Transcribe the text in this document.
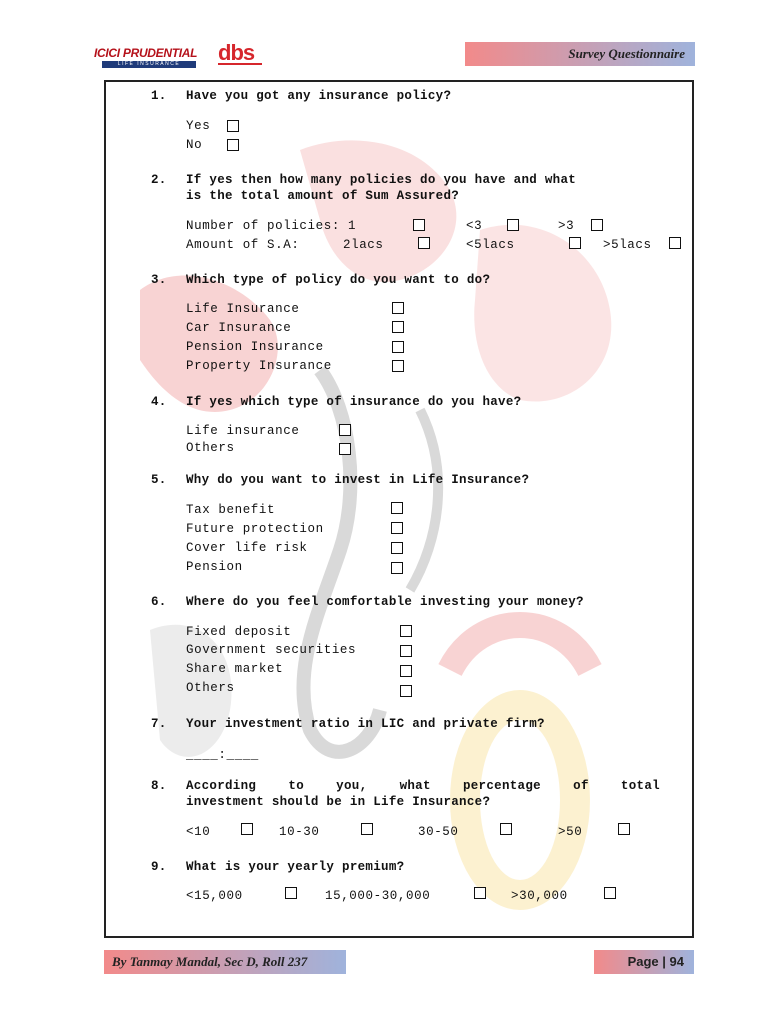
ICICI PRUDENTIAL
LIFE INSURANCE	dbs	Survey Questionnaire
1. Have you got any insurance policy?
Yes
No
2. If yes then how many policies do you have and what
is the total amount of Sum Assured?
Number of policies: 1	<3	>3
Amount of S.A:	2lacs	<5lacs	>5lacs
3. Which type of policy do you want to do?
Life Insurance
Car Insurance
Pension Insurance
Property Insurance
4. If yes which type of insurance do you have?
Life insurance
Others
5. Why do you want to invest in Life Insurance?
Tax benefit
Future protection
Cover life risk
Pension
6. Where do you feel comfortable investing your money?
Fixed deposit
Government securities
Share market
Others
7. Your investment ratio in LIC and private firm?
____:____
8. According	to	you,	what	percentage	of	total
investment should be in Life Insurance?
<10	10-30	30-50	>50
9. What is your yearly premium?
<15,000	15,000-30,000	>30,000
By Tanmay Mandal, Sec D, Roll 237	Page | 94
